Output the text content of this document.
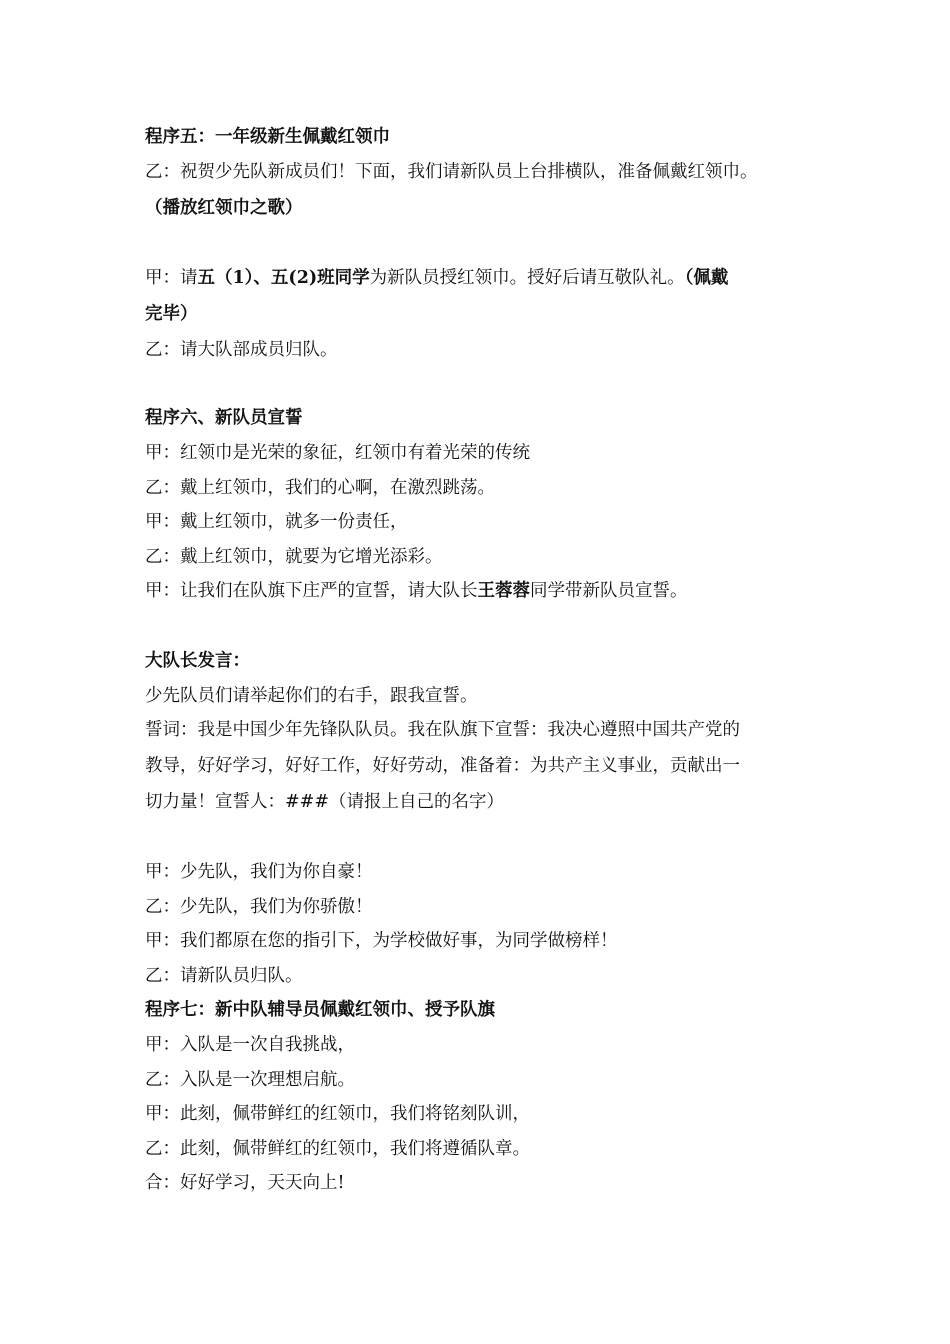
程序五：一年级新生佩戴红领巾
乙：祝贺少先队新成员们！下面，我们请新队员上台排横队，准备佩戴红领巾。
（播放红领巾之歌）
甲：请五（1）、五(2)班同学为新队员授红领巾。授好后请互敬队礼。（佩戴
完毕）
乙：请大队部成员归队。
程序六、新队员宣誓
甲：红领巾是光荣的象征，红领巾有着光荣的传统
乙：戴上红领巾，我们的心啊，在激烈跳荡。
甲：戴上红领巾，就多一份责任，
乙：戴上红领巾，就要为它增光添彩。
甲：让我们在队旗下庄严的宣誓，请大队长王蓉蓉同学带新队员宣誓。
大队长发言：
少先队员们请举起你们的右手，跟我宣誓。
誓词：我是中国少年先锋队队员。我在队旗下宣誓：我决心遵照中国共产党的
教导，好好学习，好好工作，好好劳动，准备着：为共产主义事业，贡献出一
切力量！宣誓人：###（请报上自己的名字）
甲：少先队，我们为你自豪！
乙：少先队，我们为你骄傲！
甲：我们都原在您的指引下，为学校做好事，为同学做榜样！
乙：请新队员归队。
程序七：新中队辅导员佩戴红领巾、授予队旗
甲：入队是一次自我挑战，
乙：入队是一次理想启航。
甲：此刻，佩带鲜红的红领巾，我们将铭刻队训，
乙：此刻，佩带鲜红的红领巾，我们将遵循队章。
合：好好学习，天天向上!
